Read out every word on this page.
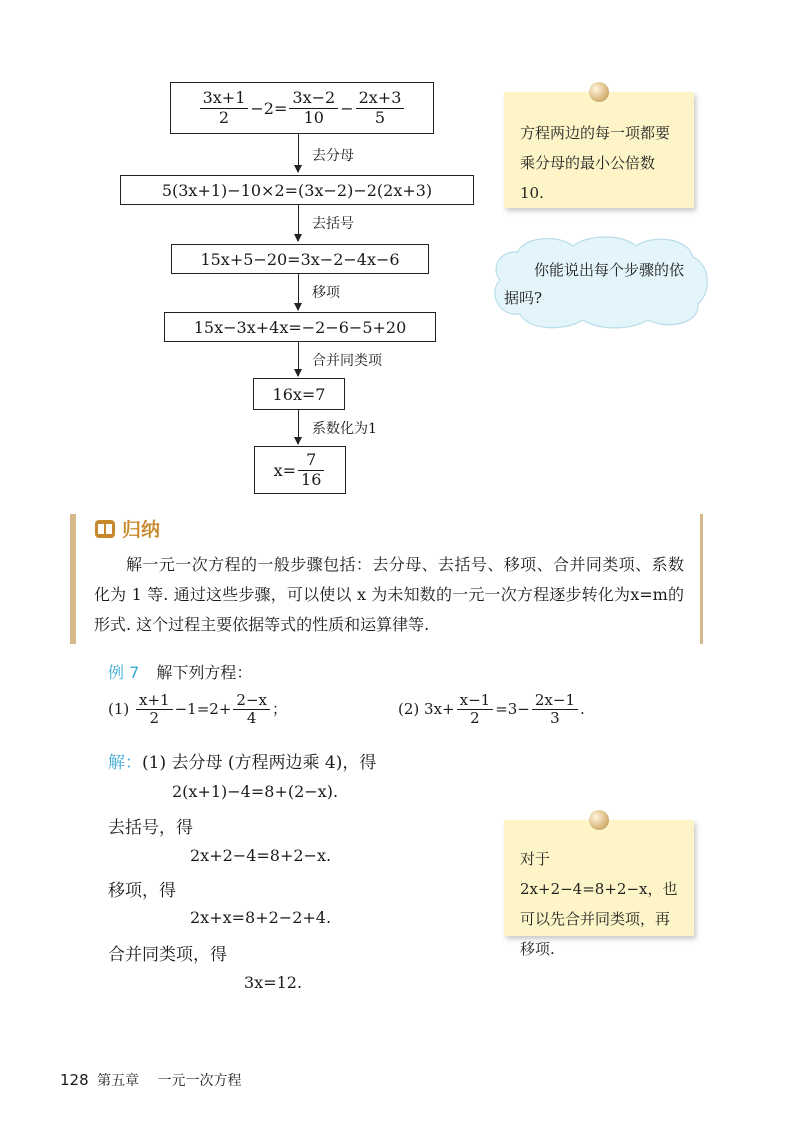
$\frac{3x+1}{2} -2= \frac{3x-2}{10} - \frac{2x+3}{5}$
去分母
5(3x+1)−10×2=(3x−2)−2(2x+3)
去括号
15x+5−20=3x−2−4x−6
移项
15x−3x+4x=−2−6−5+20
合并同类项
16x=7
系数化为1
$x= \frac{7}{16}$
方程两边的每一项都要乘分母的最小公倍数 10.
你能说出每个步骤的依据吗?
归纳
解一元一次方程的一般步骤包括：去分母、去括号、移项、合并同类项、系数化为 1 等. 通过这些步骤，可以使以 x 为未知数的一元一次方程逐步转化为x=m的形式. 这个过程主要依据等式的性质和运算律等.
例 7 解下列方程：
$(1) \frac{x+1}{2} -1=2+ \frac{2-x}{4}$ ；	(2) $3x+ \frac{x-1}{2} =3- \frac{2x-1}{3}$ .
解：(1) 去分母 (方程两边乘 4)，得
2(x+1)−4=8+(2−x).
去括号，得
2x+2−4=8+2−x.
移项，得
2x+x=8+2−2+4.
合并同类项，得
3x=12.
对于 2x+2−4=8+2−x，也可以先合并同类项，再移项.
128 第五章 一元一次方程
